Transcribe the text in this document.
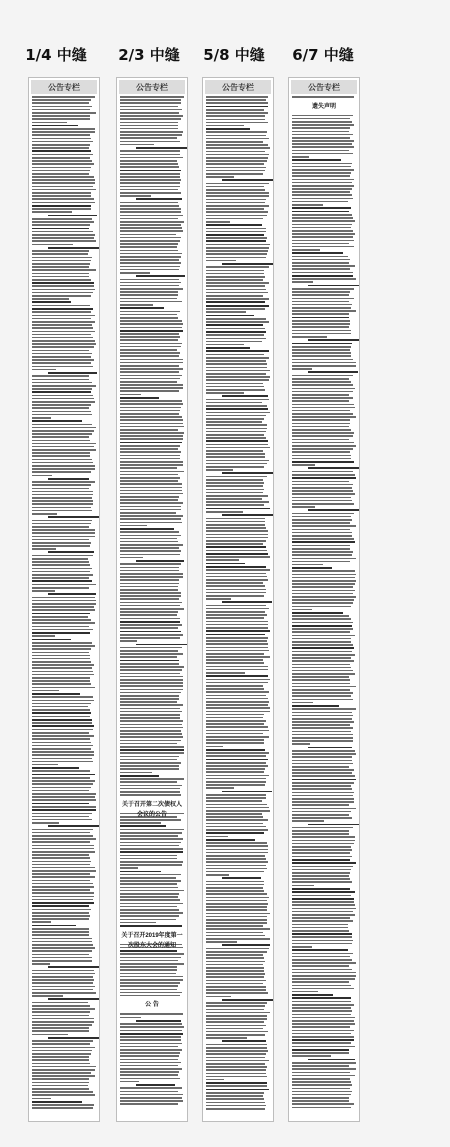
1/4 中缝	2/3 中缝	5/8 中缝	6/7 中缝
公告专栏	公告专栏
关于召开第二次债权人会议的公告
关于召开2019年度第一次股东大会的通知
公 告
公告专栏	公告专栏
遗失声明
